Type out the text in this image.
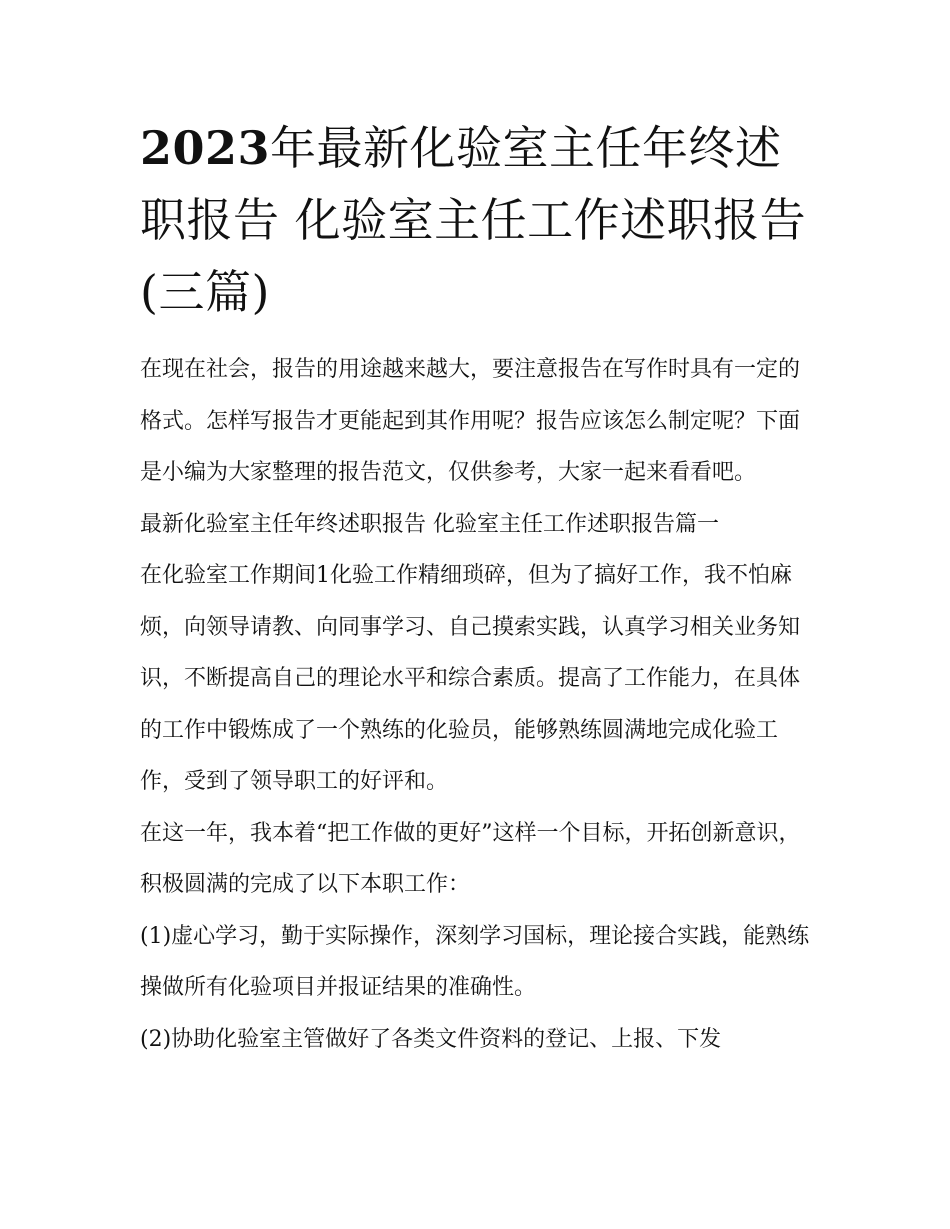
2023年最新化验室主任年终述职报告 化验室主任工作述职报告(三篇)

在现在社会，报告的用途越来越大，要注意报告在写作时具有一定的格式。怎样写报告才更能起到其作用呢？报告应该怎么制定呢？下面是小编为大家整理的报告范文，仅供参考，大家一起来看看吧。

最新化验室主任年终述职报告 化验室主任工作述职报告篇一

在化验室工作期间1化验工作精细琐碎，但为了搞好工作，我不怕麻烦，向领导请教、向同事学习、自己摸索实践，认真学习相关业务知识，不断提高自己的理论水平和综合素质。提高了工作能力，在具体的工作中锻炼成了一个熟练的化验员，能够熟练圆满地完成化验工作，受到了领导职工的好评和。

在这一年，我本着“把工作做的更好”这样一个目标，开拓创新意识，积极圆满的完成了以下本职工作：

(1)虚心学习，勤于实际操作，深刻学习国标，理论接合实践，能熟练操做所有化验项目并报证结果的准确性。

(2)协助化验室主管做好了各类文件资料的登记、上报、下发
